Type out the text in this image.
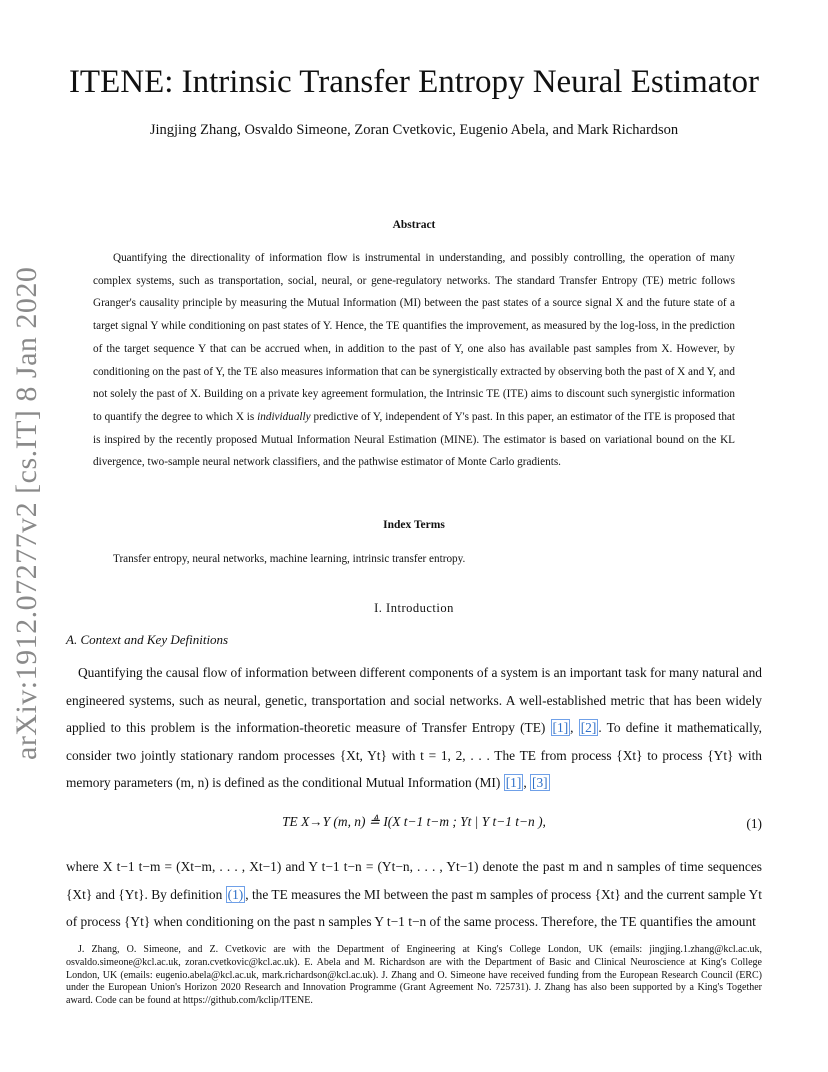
arXiv:1912.07277v2 [cs.IT] 8 Jan 2020
ITENE: Intrinsic Transfer Entropy Neural Estimator
Jingjing Zhang, Osvaldo Simeone, Zoran Cvetkovic, Eugenio Abela, and Mark Richardson
Abstract
Quantifying the directionality of information flow is instrumental in understanding, and possibly controlling, the operation of many complex systems, such as transportation, social, neural, or gene-regulatory networks. The standard Transfer Entropy (TE) metric follows Granger's causality principle by measuring the Mutual Information (MI) between the past states of a source signal X and the future state of a target signal Y while conditioning on past states of Y. Hence, the TE quantifies the improvement, as measured by the log-loss, in the prediction of the target sequence Y that can be accrued when, in addition to the past of Y, one also has available past samples from X. However, by conditioning on the past of Y, the TE also measures information that can be synergistically extracted by observing both the past of X and Y, and not solely the past of X. Building on a private key agreement formulation, the Intrinsic TE (ITE) aims to discount such synergistic information to quantify the degree to which X is individually predictive of Y, independent of Y's past. In this paper, an estimator of the ITE is proposed that is inspired by the recently proposed Mutual Information Neural Estimation (MINE). The estimator is based on variational bound on the KL divergence, two-sample neural network classifiers, and the pathwise estimator of Monte Carlo gradients.
Index Terms
Transfer entropy, neural networks, machine learning, intrinsic transfer entropy.
I. Introduction
A. Context and Key Definitions
Quantifying the causal flow of information between different components of a system is an important task for many natural and engineered systems, such as neural, genetic, transportation and social networks. A well-established metric that has been widely applied to this problem is the information-theoretic measure of Transfer Entropy (TE) [1] , [2] . To define it mathematically, consider two jointly stationary random processes {Xt, Yt} with t = 1, 2, . . . The TE from process {Xt} to process {Yt} with memory parameters (m, n) is defined as the conditional Mutual Information (MI) [1] , [3]
TE X→Y (m, n) ≜ I(X t−1 t−m ; Yt | Y t−1 t−n ),	(1)
where X t−1 t−m = (Xt−m, . . . , Xt−1) and Y t−1 t−n = (Yt−n, . . . , Yt−1) denote the past m and n samples of time sequences {Xt} and {Yt}. By definition (1) , the TE measures the MI between the past m samples of process {Xt} and the current sample Yt of process {Yt} when conditioning on the past n samples Y t−1 t−n of the same process. Therefore, the TE quantifies the amount
J. Zhang, O. Simeone, and Z. Cvetkovic are with the Department of Engineering at King's College London, UK (emails: jingjing.1.zhang@kcl.ac.uk, osvaldo.simeone@kcl.ac.uk, zoran.cvetkovic@kcl.ac.uk). E. Abela and M. Richardson are with the Department of Basic and Clinical Neuroscience at King's College London, UK (emails: eugenio.abela@kcl.ac.uk, mark.richardson@kcl.ac.uk). J. Zhang and O. Simeone have received funding from the European Research Council (ERC) under the European Union's Horizon 2020 Research and Innovation Programme (Grant Agreement No. 725731). J. Zhang has also been supported by a King's Together award. Code can be found at https://github.com/kclip/ITENE.
